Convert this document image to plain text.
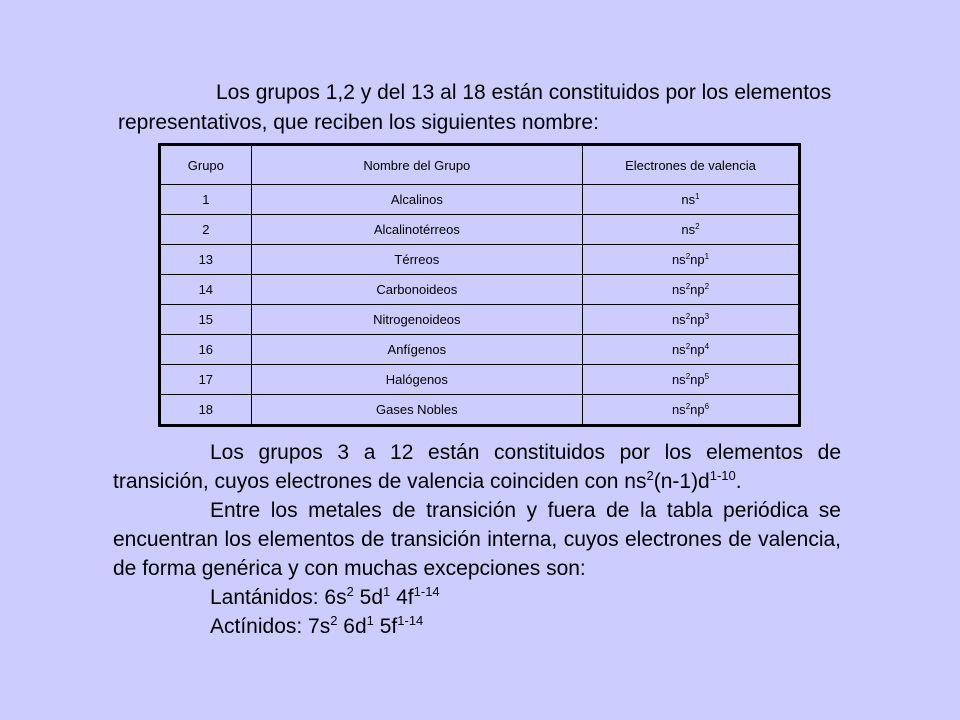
Los grupos 1,2 y del 13 al 18 están constituidos por los elementos representativos, que reciben los siguientes nombre:
Grupo	Nombre del Grupo	Electrones de valencia
1	Alcalinos	$ns^1$
2	Alcalinotérreos	$ns^2$
13	Térreos	$ns^2np^1$
14	Carbonoideos	$ns^2np^2$
15	Nitrogenoideos	$ns^2np^3$
16	Anfígenos	$ns^2np^4$
17	Halógenos	$ns^2np^5$
18	Gases Nobles	$ns^2np^6$

Los grupos 3 a 12 están constituidos por los elementos de transición, cuyos electrones de valencia coinciden con $ns^2(n-1)d^{1-10}$.

Entre los metales de transición y fuera de la tabla periódica se encuentran los elementos de transición interna, cuyos electrones de valencia, de forma genérica y con muchas excepciones son:

Lantánidos: $6s^2$ $5d^1$ $4f^{1-14}$

Actínidos: $7s^2$ $6d^1$ $5f^{1-14}$
